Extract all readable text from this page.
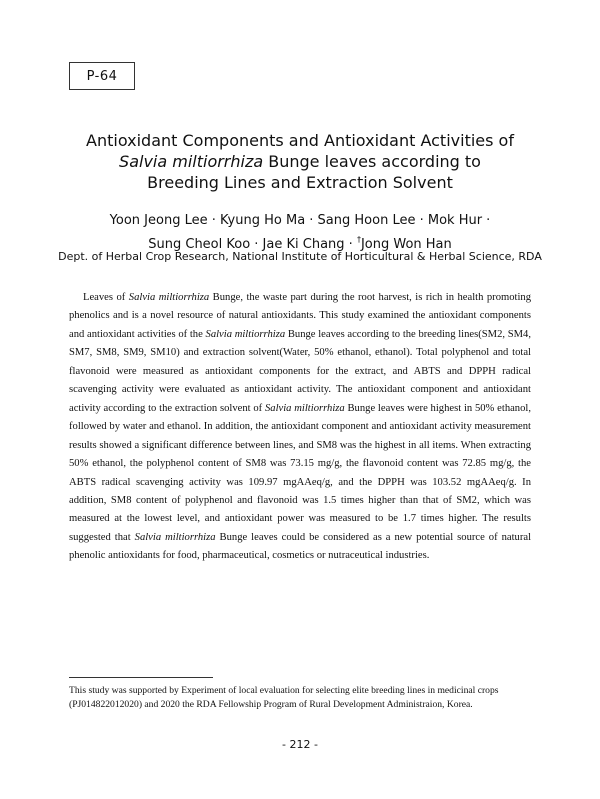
P-64
Antioxidant Components and Antioxidant Activities of
Salvia miltiorrhiza Bunge leaves according to
Breeding Lines and Extraction Solvent
Yoon Jeong Lee · Kyung Ho Ma · Sang Hoon Lee · Mok Hur ·
Sung Cheol Koo · Jae Ki Chang · †Jong Won Han
Dept. of Herbal Crop Research, National Institute of Horticultural & Herbal Science, RDA
Leaves of Salvia miltiorrhiza Bunge, the waste part during the root harvest, is rich in health promoting phenolics and is a novel resource of natural antioxidants. This study examined the antioxidant components and antioxidant activities of the Salvia miltiorrhiza Bunge leaves according to the breeding lines(SM2, SM4, SM7, SM8, SM9, SM10) and extraction solvent(Water, 50% ethanol, ethanol). Total polyphenol and total flavonoid were measured as antioxidant components for the extract, and ABTS and DPPH radical scavenging activity were evaluated as antioxidant activity. The antioxidant component and antioxidant activity according to the extraction solvent of Salvia miltiorrhiza Bunge leaves were highest in 50% ethanol, followed by water and ethanol. In addition, the antioxidant component and antioxidant activity measurement results showed a significant difference between lines, and SM8 was the highest in all items. When extracting 50% ethanol, the polyphenol content of SM8 was 73.15 mg/g, the flavonoid content was 72.85 mg/g, the ABTS radical scavenging activity was 109.97 mgAAeq/g, and the DPPH was 103.52 mgAAeq/g. In addition, SM8 content of polyphenol and flavonoid was 1.5 times higher than that of SM2, which was measured at the lowest level, and antioxidant power was measured to be 1.7 times higher. The results suggested that Salvia miltiorrhiza Bunge leaves could be considered as a new potential source of natural phenolic antioxidants for food, pharmaceutical, cosmetics or nutraceutical industries.
This study was supported by Experiment of local evaluation for selecting elite breeding lines in medicinal crops (PJ014822012020) and 2020 the RDA Fellowship Program of Rural Development Administraion, Korea.
- 212 -
